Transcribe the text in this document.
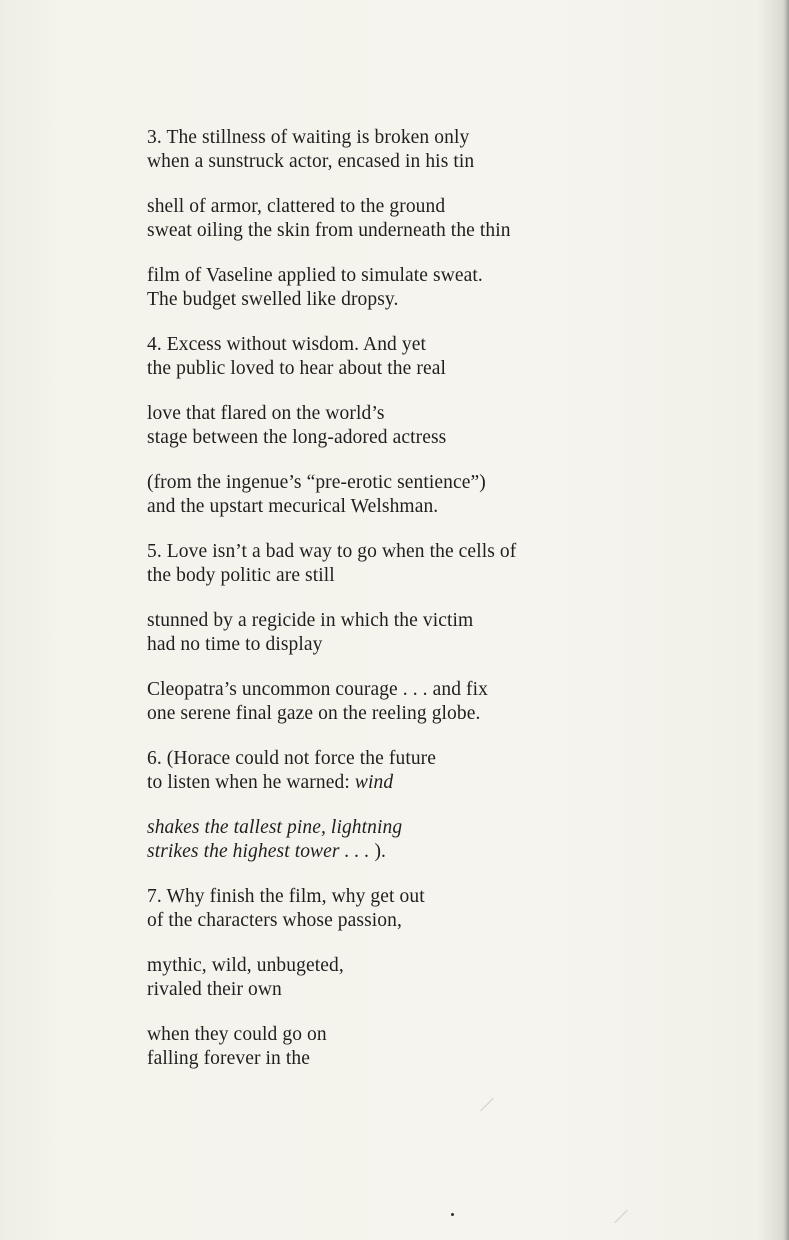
3. The stillness of waiting is broken only
when a sunstruck actor, encased in his tin
shell of armor, clattered to the ground
sweat oiling the skin from underneath the thin
film of Vaseline applied to simulate sweat.
The budget swelled like dropsy.
4. Excess without wisdom. And yet
the public loved to hear about the real
love that flared on the world’s
stage between the long-adored actress
(from the ingenue’s “pre-erotic sentience”)
and the upstart mecurical Welshman.
5. Love isn’t a bad way to go when the cells of
the body politic are still
stunned by a regicide in which the victim
had no time to display
Cleopatra’s uncommon courage . . . and fix
one serene final gaze on the reeling globe.
6. (Horace could not force the future
to listen when he warned: wind
shakes the tallest pine, lightning
strikes the highest tower . . . ).
7. Why finish the film, why get out
of the characters whose passion,
mythic, wild, unbugeted,
rivaled their own
when they could go on
falling forever in the
